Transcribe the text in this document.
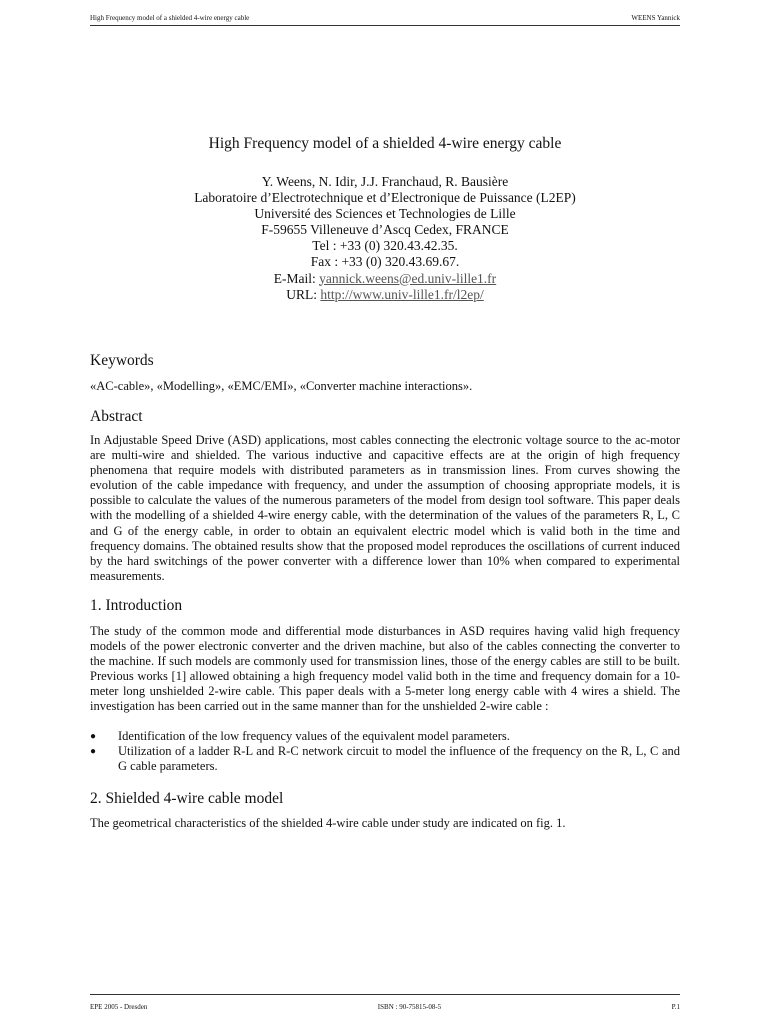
High Frequency model of a shielded 4-wire energy cable	WEENS Yannick
High Frequency model of a shielded 4-wire energy cable
Y. Weens, N. Idir, J.J. Franchaud, R. Bausière
Laboratoire d’Electrotechnique et d’Electronique de Puissance (L2EP)
Université des Sciences et Technologies de Lille
F-59655 Villeneuve d’Ascq Cedex, FRANCE
Tel : +33 (0) 320.43.42.35.
Fax : +33 (0) 320.43.69.67.
E-Mail: yannick.weens@ed.univ-lille1.fr
URL: http://www.univ-lille1.fr/l2ep/
Keywords
«AC-cable», «Modelling», «EMC/EMI», «Converter machine interactions».
Abstract

In Adjustable Speed Drive (ASD) applications, most cables connecting the electronic voltage source to the ac-motor are multi-wire and shielded. The various inductive and capacitive effects are at the origin of high frequency phenomena that require models with distributed parameters as in transmission lines. From curves showing the evolution of the cable impedance with frequency, and under the assumption of choosing appropriate models, it is possible to calculate the values of the numerous parameters of the model from design tool software. This paper deals with the modelling of a shielded 4-wire energy cable, with the determination of the values of the parameters R, L, C and G of the energy cable, in order to obtain an equivalent electric model which is valid both in the time and frequency domains. The obtained results show that the proposed model reproduces the oscillations of current induced by the hard switchings of the power converter with a difference lower than 10% when compared to experimental measurements.

1. Introduction

The study of the common mode and differential mode disturbances in ASD requires having valid high frequency models of the power electronic converter and the driven machine, but also of the cables connecting the converter to the machine. If such models are commonly used for transmission lines, those of the energy cables are still to be built. Previous works [1] allowed obtaining a high frequency model valid both in the time and frequency domain for a 10-meter long unshielded 2-wire cable. This paper deals with a 5-meter long energy cable with 4 wires a shield. The investigation has been carried out in the same manner than for the unshielded 2-wire cable :

● Identification of the low frequency values of the equivalent model parameters.
● Utilization of a ladder R-L and R-C network circuit to model the influence of the frequency on the R, L, C and G cable parameters.
2. Shielded 4-wire cable model
The geometrical characteristics of the shielded 4-wire cable under study are indicated on fig. 1.
EPE 2005 - Dresden	ISBN : 90-75815-08-5	P.1
